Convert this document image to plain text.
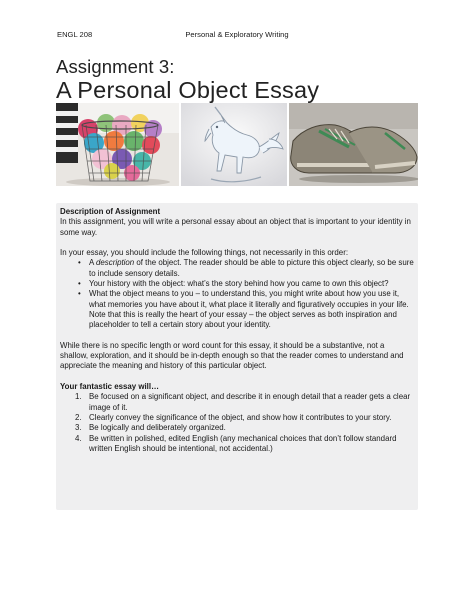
ENGL 208	Personal & Exploratory Writing
Assignment 3:
A Personal Object Essay

Description of Assignment

In this assignment, you will write a personal essay about an object that is important to your identity in some way.

In your essay, you should include the following things, not necessarily in this order:

• A description of the object. The reader should be able to picture this object clearly, so be sure to include sensory details.
• Your history with the object: what’s the story behind how you came to own this object?
• What the object means to you – to understand this, you might write about how you use it, what memories you have about it, what place it literally and figuratively occupies in your life. Note that this is really the heart of your essay – the object serves as both inspiration and placeholder to tell a certain story about your identity.

While there is no specific length or word count for this essay, it should be a substantive, not a shallow, exploration, and it should be in-depth enough so that the reader comes to understand and appreciate the meaning and history of this particular object.

Your fantastic essay will…

1. Be focused on a significant object, and describe it in enough detail that a reader gets a clear image of it.
2. Clearly convey the significance of the object, and show how it contributes to your story.
3. Be logically and deliberately organized.
4. Be written in polished, edited English (any mechanical choices that don’t follow standard written English should be intentional, not accidental.)
